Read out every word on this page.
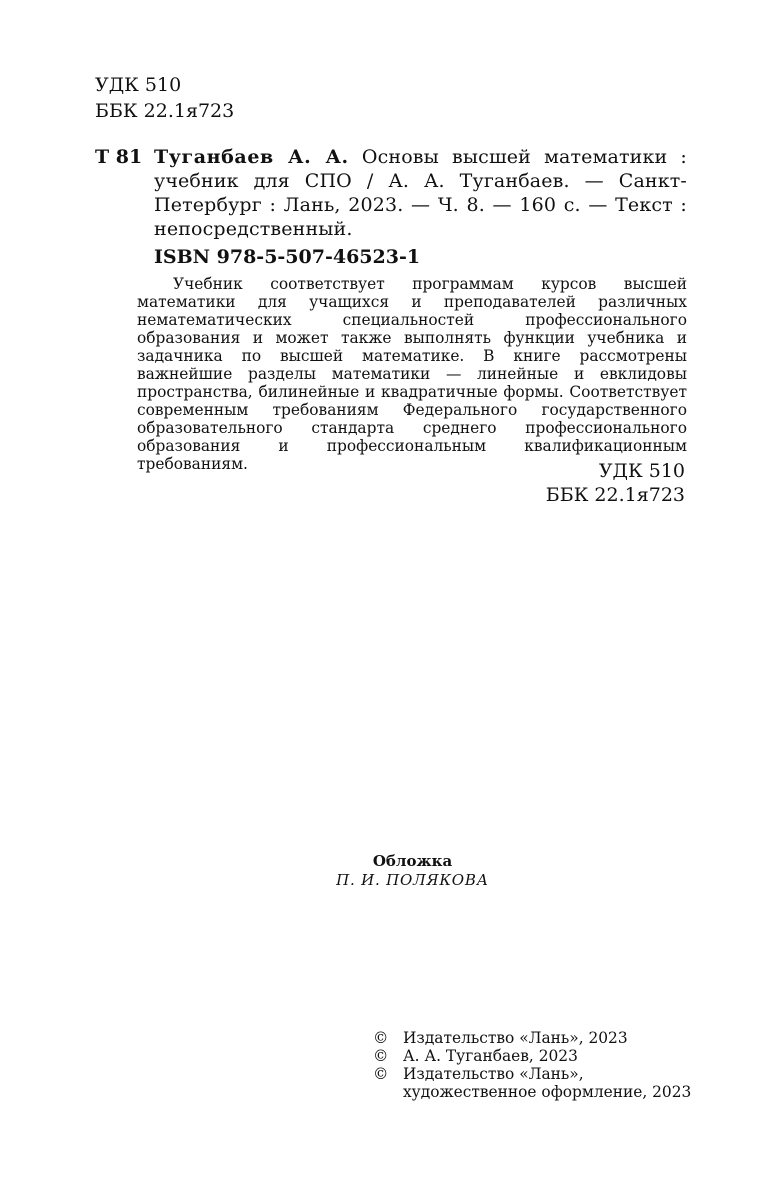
УДК 510
ББК 22.1я723
Т 81 Туганбаев А. А. Основы высшей математики : учебник для СПО / А. А. Туганбаев. — Санкт-Петербург : Лань, 2023. — Ч. 8. — 160 с. — Текст : непосредственный.
ISBN 978-5-507-46523-1

Учебник соответствует программам курсов высшей математики для учащихся и преподавателей различных нематематических специальностей профессионального образования и может также выполнять функции учебника и задачника по высшей математике. В книге рассмотрены важнейшие разделы математики — линейные и евклидовы пространства, билинейные и квадратичные формы. Соответствует современным требованиям Федерального государственного образовательного стандарта среднего профессионального образования и профессиональным квалификационным требованиям.	УДК 510
ББК 22.1я723
Обложка
П. И. ПОЛЯКОВА
© Издательство «Лань», 2023
© А. А. Туганбаев, 2023
© Издательство «Лань»,
художественное оформление, 2023
